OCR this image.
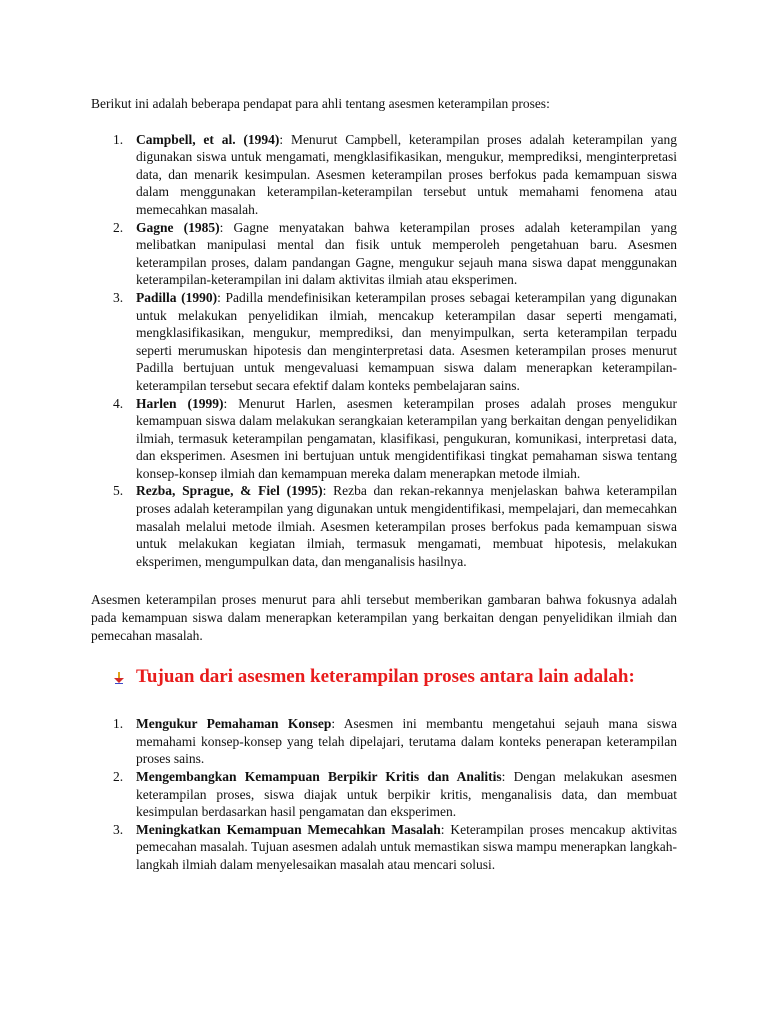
Berikut ini adalah beberapa pendapat para ahli tentang asesmen keterampilan proses:

1. Campbell, et al. (1994): Menurut Campbell, keterampilan proses adalah keterampilan yang digunakan siswa untuk mengamati, mengklasifikasikan, mengukur, memprediksi, menginterpretasi data, dan menarik kesimpulan. Asesmen keterampilan proses berfokus pada kemampuan siswa dalam menggunakan keterampilan-keterampilan tersebut untuk memahami fenomena atau memecahkan masalah.
2. Gagne (1985): Gagne menyatakan bahwa keterampilan proses adalah keterampilan yang melibatkan manipulasi mental dan fisik untuk memperoleh pengetahuan baru. Asesmen keterampilan proses, dalam pandangan Gagne, mengukur sejauh mana siswa dapat menggunakan keterampilan-keterampilan ini dalam aktivitas ilmiah atau eksperimen.
3. Padilla (1990): Padilla mendefinisikan keterampilan proses sebagai keterampilan yang digunakan untuk melakukan penyelidikan ilmiah, mencakup keterampilan dasar seperti mengamati, mengklasifikasikan, mengukur, memprediksi, dan menyimpulkan, serta keterampilan terpadu seperti merumuskan hipotesis dan menginterpretasi data. Asesmen keterampilan proses menurut Padilla bertujuan untuk mengevaluasi kemampuan siswa dalam menerapkan keterampilan-keterampilan tersebut secara efektif dalam konteks pembelajaran sains.
4. Harlen (1999): Menurut Harlen, asesmen keterampilan proses adalah proses mengukur kemampuan siswa dalam melakukan serangkaian keterampilan yang berkaitan dengan penyelidikan ilmiah, termasuk keterampilan pengamatan, klasifikasi, pengukuran, komunikasi, interpretasi data, dan eksperimen. Asesmen ini bertujuan untuk mengidentifikasi tingkat pemahaman siswa tentang konsep-konsep ilmiah dan kemampuan mereka dalam menerapkan metode ilmiah.
5. Rezba, Sprague, & Fiel (1995): Rezba dan rekan-rekannya menjelaskan bahwa keterampilan proses adalah keterampilan yang digunakan untuk mengidentifikasi, mempelajari, dan memecahkan masalah melalui metode ilmiah. Asesmen keterampilan proses berfokus pada kemampuan siswa untuk melakukan kegiatan ilmiah, termasuk mengamati, membuat hipotesis, melakukan eksperimen, mengumpulkan data, dan menganalisis hasilnya.

Asesmen keterampilan proses menurut para ahli tersebut memberikan gambaran bahwa fokusnya adalah pada kemampuan siswa dalam menerapkan keterampilan yang berkaitan dengan penyelidikan ilmiah dan pemecahan masalah.

Tujuan dari asesmen keterampilan proses antara lain adalah:
1. Mengukur Pemahaman Konsep: Asesmen ini membantu mengetahui sejauh mana siswa memahami konsep-konsep yang telah dipelajari, terutama dalam konteks penerapan keterampilan proses sains.
2. Mengembangkan Kemampuan Berpikir Kritis dan Analitis: Dengan melakukan asesmen keterampilan proses, siswa diajak untuk berpikir kritis, menganalisis data, dan membuat kesimpulan berdasarkan hasil pengamatan dan eksperimen.
3. Meningkatkan Kemampuan Memecahkan Masalah: Keterampilan proses mencakup aktivitas pemecahan masalah. Tujuan asesmen adalah untuk memastikan siswa mampu menerapkan langkah-langkah ilmiah dalam menyelesaikan masalah atau mencari solusi.
